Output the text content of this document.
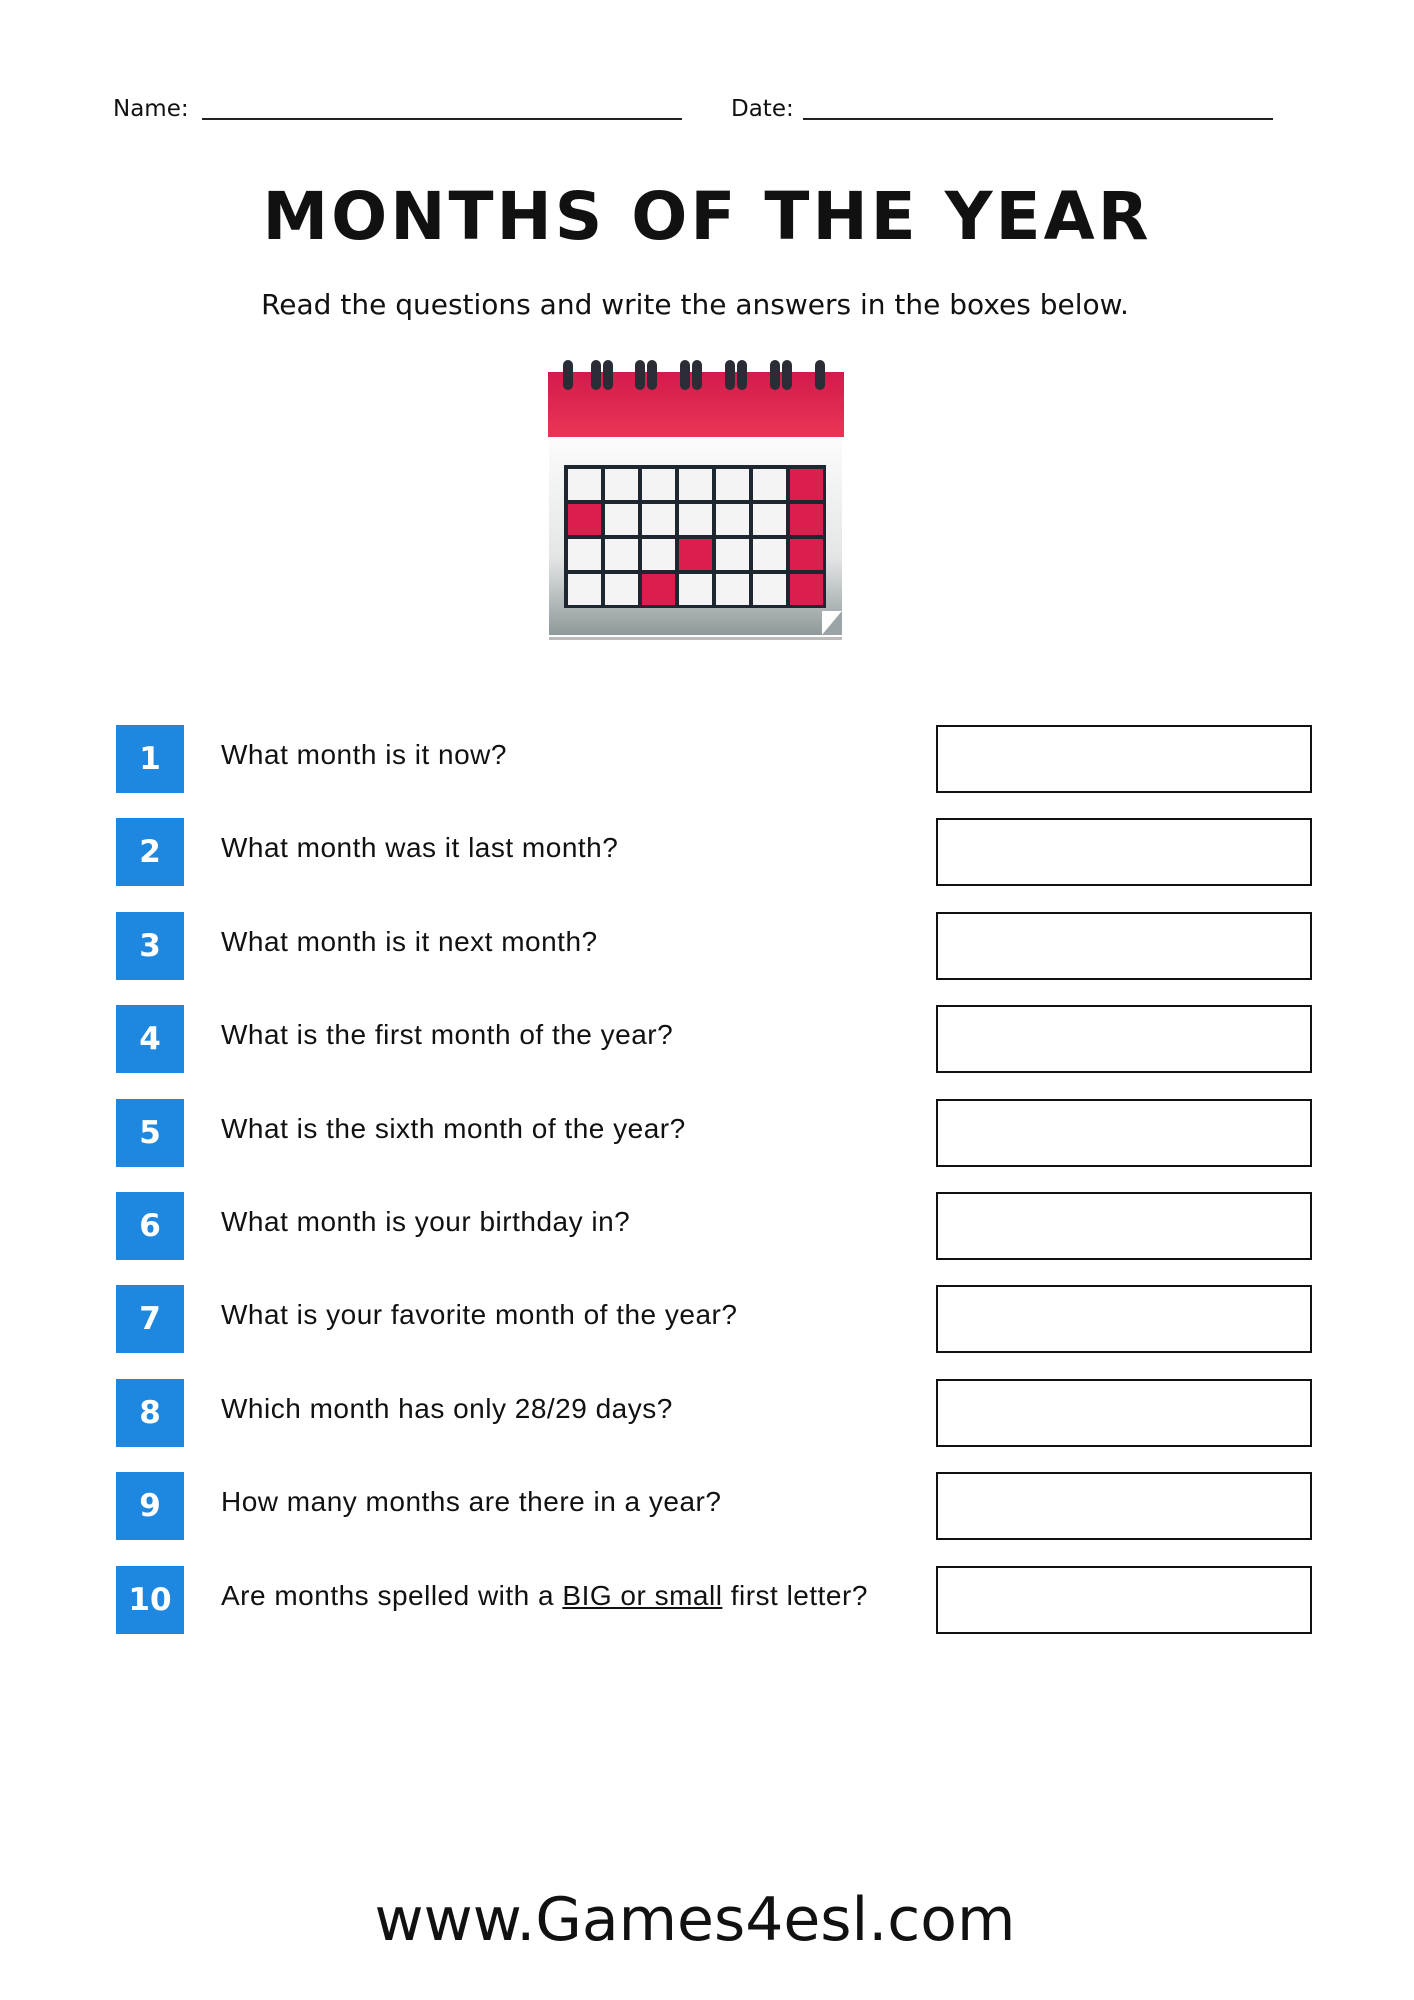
Name:	Date:
MONTHS OF THE YEAR
Read the questions and write the answers in the boxes below.
1	What month is it now?
2	What month was it last month?
3	What month is it next month?
4	What is the first month of the year?
5	What is the sixth month of the year?
6	What month is your birthday in?
7	What is your favorite month of the year?
8	Which month has only 28/29 days?
9	How many months are there in a year?
10	Are months spelled with a BIG or small first letter?
www.Games4esl.com
